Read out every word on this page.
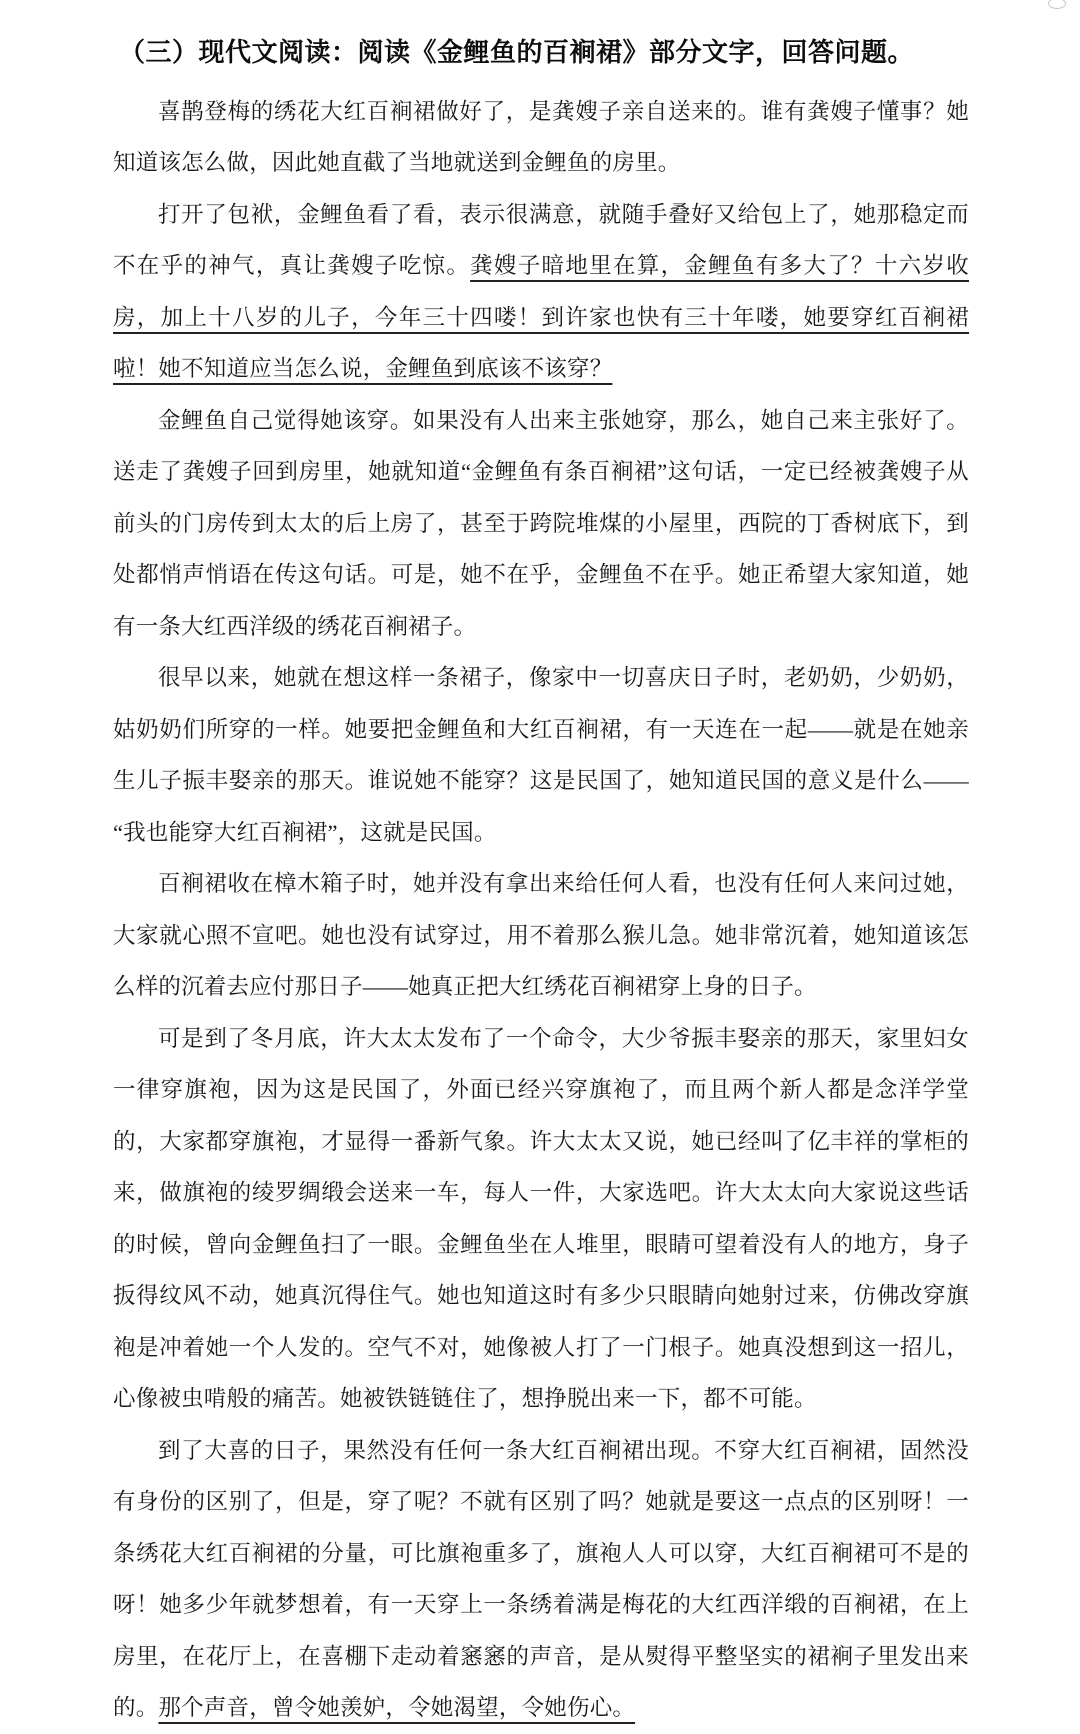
（三）现代文阅读：阅读《金鲤鱼的百裥裙》部分文字，回答问题。

喜鹊登梅的绣花大红百裥裙做好了，是龚嫂子亲自送来的。谁有龚嫂子懂事？她知道该怎么做，因此她直截了当地就送到金鲤鱼的房里。

打开了包袱，金鲤鱼看了看，表示很满意，就随手叠好又给包上了，她那稳定而不在乎的神气，真让龚嫂子吃惊。龚嫂子暗地里在算，金鲤鱼有多大了？十六岁收房，加上十八岁的儿子，今年三十四喽！到许家也快有三十年喽，她要穿红百裥裙啦！她不知道应当怎么说，金鲤鱼到底该不该穿？

金鲤鱼自己觉得她该穿。如果没有人出来主张她穿，那么，她自己来主张好了。送走了龚嫂子回到房里，她就知道“金鲤鱼有条百裥裙”这句话，一定已经被龚嫂子从前头的门房传到太太的后上房了，甚至于跨院堆煤的小屋里，西院的丁香树底下，到处都悄声悄语在传这句话。可是，她不在乎，金鲤鱼不在乎。她正希望大家知道，她有一条大红西洋级的绣花百裥裙子。

很早以来，她就在想这样一条裙子，像家中一切喜庆日子时，老奶奶，少奶奶，姑奶奶们所穿的一样。她要把金鲤鱼和大红百裥裙，有一天连在一起——就是在她亲生儿子振丰娶亲的那天。谁说她不能穿？这是民国了，她知道民国的意义是什么——“我也能穿大红百裥裙”，这就是民国。

百裥裙收在樟木箱子时，她并没有拿出来给任何人看，也没有任何人来问过她，大家就心照不宣吧。她也没有试穿过，用不着那么猴儿急。她非常沉着，她知道该怎么样的沉着去应付那日子——她真正把大红绣花百裥裙穿上身的日子。

可是到了冬月底，许大太太发布了一个命令，大少爷振丰娶亲的那天，家里妇女一律穿旗袍，因为这是民国了，外面已经兴穿旗袍了，而且两个新人都是念洋学堂的，大家都穿旗袍，才显得一番新气象。许大太太又说，她已经叫了亿丰祥的掌柜的来，做旗袍的绫罗绸缎会送来一车，每人一件，大家选吧。许大太太向大家说这些话的时候，曾向金鲤鱼扫了一眼。金鲤鱼坐在人堆里，眼睛可望着没有人的地方，身子扳得纹风不动，她真沉得住气。她也知道这时有多少只眼睛向她射过来，仿佛改穿旗袍是冲着她一个人发的。空气不对，她像被人打了一门根子。她真没想到这一招儿，心像被虫啃般的痛苦。她被铁链链住了，想挣脱出来一下，都不可能。

到了大喜的日子，果然没有任何一条大红百裥裙出现。不穿大红百裥裙，固然没有身份的区别了，但是，穿了呢？不就有区别了吗？她就是要这一点点的区别呀！一条绣花大红百裥裙的分量，可比旗袍重多了，旗袍人人可以穿，大红百裥裙可不是的呀！她多少年就梦想着，有一天穿上一条绣着满是梅花的大红西洋缎的百裥裙，在上房里，在花厅上，在喜棚下走动着窸窸的声音，是从熨得平整坚实的裙裥子里发出来的。那个声音，曾令她羡妒，令她渴望，令她伤心。
